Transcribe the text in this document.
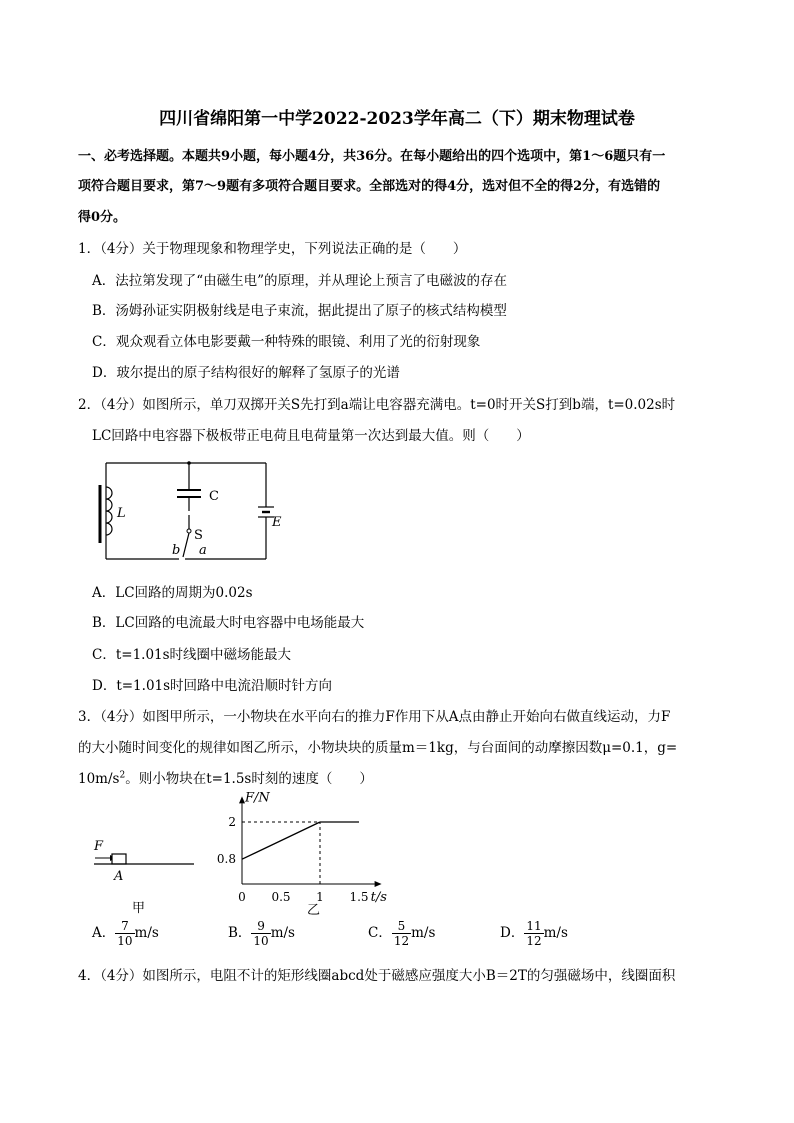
四川省绵阳第一中学2022-2023学年高二（下）期末物理试卷
一、必考选择题。本题共9小题，每小题4分，共36分。在每小题给出的四个选项中，第1～6题只有一
项符合题目要求，第7～9题有多项符合题目要求。全部选对的得4分，选对但不全的得2分，有选错的
得0分。
1．（4分）关于物理现象和物理学史，下列说法正确的是（　　）
A．法拉第发现了“由磁生电”的原理，并从理论上预言了电磁波的存在
B．汤姆孙证实阴极射线是电子束流，据此提出了原子的核式结构模型
C．观众观看立体电影要戴一种特殊的眼镜、利用了光的衍射现象
D．玻尔提出的原子结构很好的解释了氢原子的光谱
2．（4分）如图所示，单刀双掷开关S先打到a端让电容器充满电。t=0时开关S打到b端，t=0.02s时
LC回路中电容器下极板带正电荷且电荷量第一次达到最大值。则（　　）
C
L
S
E
b a
A．LC回路的周期为0.02s
B．LC回路的电流最大时电容器中电场能最大
C．t=1.01s时线圈中磁场能最大
D．t=1.01s时回路中电流沿顺时针方向
3．（4分）如图甲所示，一小物块在水平向右的推力F作用下从A点由静止开始向右做直线运动，力F
的大小随时间变化的规律如图乙所示，小物块块的质量m＝1kg，与台面间的动摩擦因数μ=0.1，g=
$10m/s^2$。则小物块在t=1.5s时刻的速度（　　）
F
A
甲
F/N
t/s
0 0.5 1 1.5
0.8
2
乙
A． $\frac{7}{10} m/s$	B． $\frac{9}{10} m/s$	C． $\frac{5}{12} m/s$	D． $\frac{11}{12} m/s$
4．（4分）如图所示，电阻不计的矩形线圈abcd处于磁感应强度大小B＝2T的匀强磁场中，线圈面积
